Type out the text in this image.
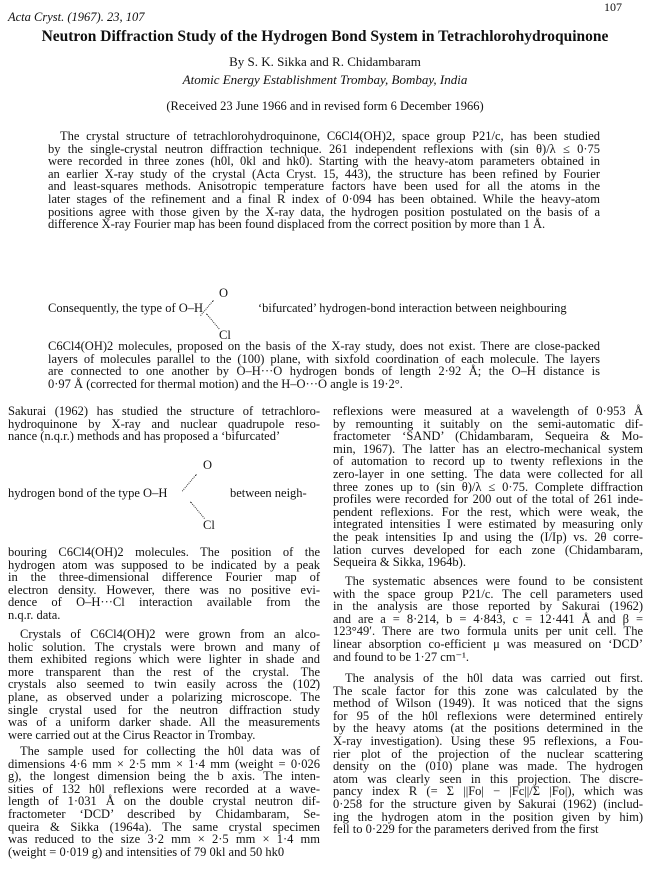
107
Acta Cryst. (1967). 23, 107
Neutron Diffraction Study of the Hydrogen Bond System in Tetrachlorohydroquinone
By S. K. Sikka and R. Chidambaram
Atomic Energy Establishment Trombay, Bombay, India
(Received 23 June 1966 and in revised form 6 December 1966)
The crystal structure of tetrachlorohydroquinone, C6Cl4(OH)2, space group P21/c, has been studied
by the single-crystal neutron diffraction technique. 261 independent reflexions with (sin θ)/λ ≤ 0·75
were recorded in three zones (h0l, 0kl and hk0). Starting with the heavy-atom parameters obtained in
an earlier X-ray study of the crystal (Acta Cryst. 15, 443), the structure has been refined by Fourier
and least-squares methods. Anisotropic temperature factors have been used for all the atoms in the
later stages of the refinement and a final R index of 0·094 has been obtained. While the heavy-atom
positions agree with those given by the X-ray data, the hydrogen position postulated on the basis of a
difference X-ray Fourier map has been found displaced from the correct position by more than 1 Å.
O
Consequently, the type of O–H	‘bifurcated’ hydrogen-bond interaction between neighbouring
Cl
C6Cl4(OH)2 molecules, proposed on the basis of the X-ray study, does not exist. There are close-packed
layers of molecules parallel to the (100) plane, with sixfold coordination of each molecule. The layers
are connected to one another by O–H···O hydrogen bonds of length 2·92 Å; the O–H distance is
0·97 Å (corrected for thermal motion) and the H–O···O angle is 19·2°.
Sakurai (1962) has studied the structure of tetrachloro-
hydroquinone by X-ray and nuclear quadrupole reso-
nance (n.q.r.) methods and has proposed a ‘bifurcated’
O
hydrogen bond of the type O–H	between neigh-
Cl
bouring C6Cl4(OH)2 molecules. The position of the
hydrogen atom was supposed to be indicated by a peak
in the three-dimensional difference Fourier map of
electron density. However, there was no positive evi-
dence of O–H···Cl interaction available from the
n.q.r. data.
Crystals of C6Cl4(OH)2 were grown from an alco-
holic solution. The crystals were brown and many of
them exhibited regions which were lighter in shade and
more transparent than the rest of the crystal. The
crystals also seemed to twin easily across the (102̄)
plane, as observed under a polarizing microscope. The
single crystal used for the neutron diffraction study
was of a uniform darker shade. All the measurements
were carried out at the Cirus Reactor in Trombay.
The sample used for collecting the h0l data was of
dimensions 4·6 mm × 2·5 mm × 1·4 mm (weight = 0·026
g), the longest dimension being the b axis. The inten-
sities of 132 h0l reflexions were recorded at a wave-
length of 1·031 Å on the double crystal neutron dif-
fractometer ‘DCD’ described by Chidambaram, Se-
queira & Sikka (1964a). The same crystal specimen
was reduced to the size 3·2 mm × 2·5 mm × 1·4 mm
(weight = 0·019 g) and intensities of 79 0kl and 50 hk0
reflexions were measured at a wavelength of 0·953 Å
by remounting it suitably on the semi-automatic dif-
fractometer ‘SAND’ (Chidambaram, Sequeira & Mo-
min, 1967). The latter has an electro-mechanical system
of automation to record up to twenty reflexions in the
zero-layer in one setting. The data were collected for all
three zones up to (sin θ)/λ ≤ 0·75. Complete diffraction
profiles were recorded for 200 out of the total of 261 inde-
pendent reflexions. For the rest, which were weak, the
integrated intensities I were estimated by measuring only
the peak intensities Ip and using the (I/Ip) vs. 2θ corre-
lation curves developed for each zone (Chidambaram,
Sequeira & Sikka, 1964b).
The systematic absences were found to be consistent
with the space group P21/c. The cell parameters used
in the analysis are those reported by Sakurai (1962)
and are a = 8·214, b = 4·843, c = 12·441 Å and β =
123°49′. There are two formula units per unit cell. The
linear absorption co-efficient μ was measured on ‘DCD’
and found to be 1·27 cm⁻¹.
The analysis of the h0l data was carried out first.
The scale factor for this zone was calculated by the
method of Wilson (1949). It was noticed that the signs
for 95 of the h0l reflexions were determined entirely
by the heavy atoms (at the positions determined in the
X-ray investigation). Using these 95 reflexions, a Fou-
rier plot of the projection of the nuclear scattering
density on the (010) plane was made. The hydrogen
atom was clearly seen in this projection. The discre-
pancy index R (= Σ ||Fo| − |Fc||/Σ |Fo|), which was
0·258 for the structure given by Sakurai (1962) (includ-
ing the hydrogen atom in the position given by him)
fell to 0·229 for the parameters derived from the first
